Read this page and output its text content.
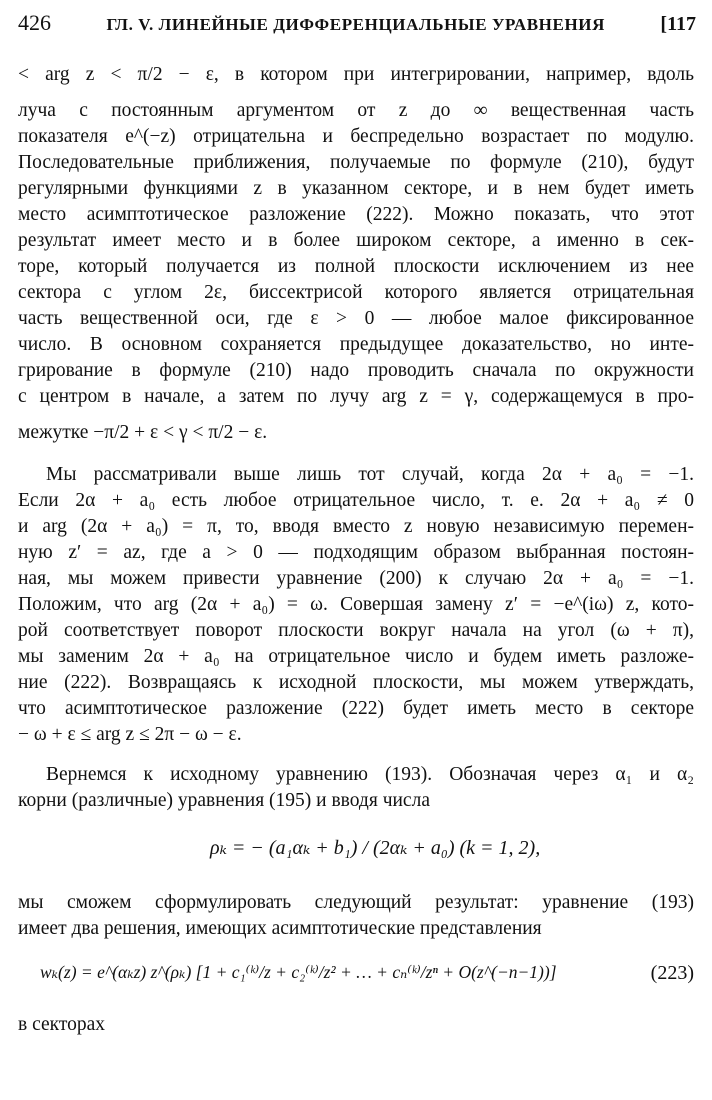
426	ГЛ. V. ЛИНЕЙНЫЕ ДИФФЕРЕНЦИАЛЬНЫЕ УРАВНЕНИЯ	[117
< arg z < π/2 − ε, в котором при интегрировании, например, вдоль
луча с постоянным аргументом от z до ∞ вещественная часть
показателя e^(−z) отрицательна и беспредельно возрастает по модулю.
Последовательные приближения, получаемые по формуле (210), будут
регулярными функциями z в указанном секторе, и в нем будет иметь
место асимптотическое разложение (222). Можно показать, что этот
результат имеет место и в более широком секторе, а именно в сек-
торе, который получается из полной плоскости исключением из нее
сектора с углом 2ε, биссектрисой которого является отрицательная
часть вещественной оси, где ε > 0 — любое малое фиксированное
число. В основном сохраняется предыдущее доказательство, но инте-
грирование в формуле (210) надо проводить сначала по окружности
с центром в начале, а затем по лучу arg z = γ, содержащемуся в про-
межутке −π/2 + ε < γ < π/2 − ε.
Мы рассматривали выше лишь тот случай, когда 2α + a₀ = −1.
Если 2α + a₀ есть любое отрицательное число, т. е. 2α + a₀ ≠ 0
и arg (2α + a₀) = π, то, вводя вместо z новую независимую перемен-
ную z′ = az, где a > 0 — подходящим образом выбранная постоян-
ная, мы можем привести уравнение (200) к случаю 2α + a₀ = −1.
Положим, что arg (2α + a₀) = ω. Совершая замену z′ = −e^(iω) z, кото-
рой соответствует поворот плоскости вокруг начала на угол (ω + π),
мы заменим 2α + a₀ на отрицательное число и будем иметь разложе-
ние (222). Возвращаясь к исходной плоскости, мы можем утверждать,
что асимптотическое разложение (222) будет иметь место в секторе
− ω + ε ≤ arg z ≤ 2π − ω − ε.
Вернемся к исходному уравнению (193). Обозначая через α₁ и α₂
корни (различные) уравнения (195) и вводя числа
ρₖ = − (a₁αₖ + b₁) / (2αₖ + a₀) (k = 1, 2),
мы сможем сформулировать следующий результат: уравнение (193)
имеет два решения, имеющих асимптотические представления
wₖ(z) = e^(αₖz) z^(ρₖ) [1 + c₁⁽ᵏ⁾/z + c₂⁽ᵏ⁾/z² + … + cₙ⁽ᵏ⁾/zⁿ + O(z^(−n−1))]	(223)
в секторах
